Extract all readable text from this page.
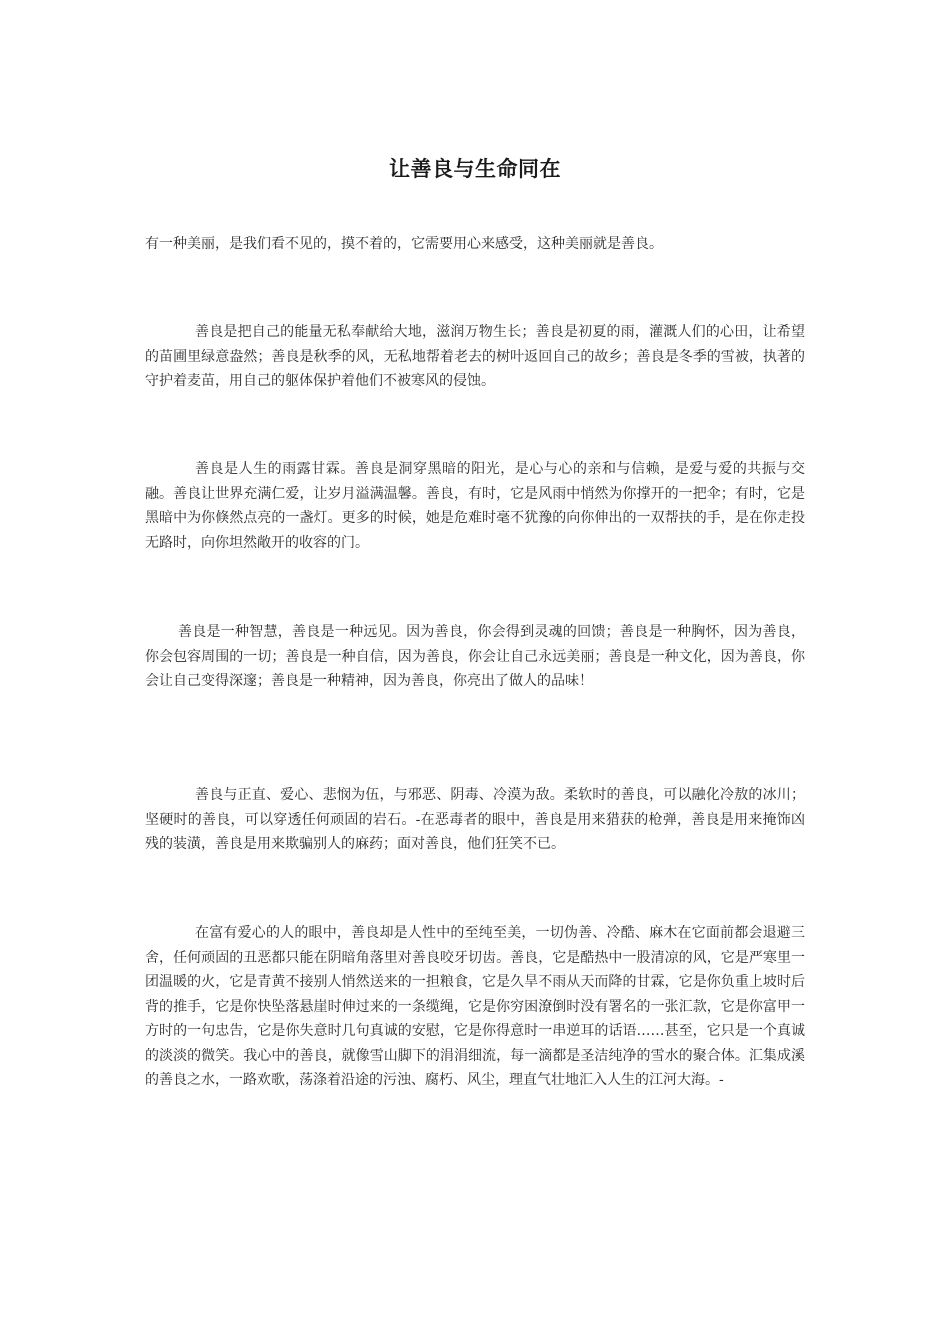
让善良与生命同在

有一种美丽，是我们看不见的，摸不着的，它需要用心来感受，这种美丽就是善良。

善良是把自己的能量无私奉献给大地，滋润万物生长；善良是初夏的雨，灌溉人们的心田，让希望的苗圃里绿意盎然；善良是秋季的风，无私地帮着老去的树叶返回自己的故乡；善良是冬季的雪被，执著的守护着麦苗，用自己的躯体保护着他们不被寒风的侵蚀。

善良是人生的雨露甘霖。善良是洞穿黑暗的阳光，是心与心的亲和与信赖，是爱与爱的共振与交融。善良让世界充满仁爱，让岁月溢满温馨。善良，有时，它是风雨中悄然为你撑开的一把伞；有时，它是黑暗中为你倏然点亮的一盏灯。更多的时候，她是危难时毫不犹豫的向你伸出的一双帮扶的手，是在你走投无路时，向你坦然敞开的收容的门。

善良是一种智慧，善良是一种远见。因为善良，你会得到灵魂的回馈；善良是一种胸怀，因为善良，你会包容周围的一切；善良是一种自信，因为善良，你会让自己永远美丽；善良是一种文化，因为善良，你会让自己变得深邃；善良是一种精神，因为善良，你亮出了做人的品味！

善良与正直、爱心、悲悯为伍，与邪恶、阴毒、冷漠为敌。柔软时的善良，可以融化冷敖的冰川；坚硬时的善良，可以穿透任何顽固的岩石。-在恶毒者的眼中，善良是用来猎获的枪弹，善良是用来掩饰凶残的装潢，善良是用来欺骗别人的麻药；面对善良，他们狂笑不已。

在富有爱心的人的眼中，善良却是人性中的至纯至美，一切伪善、冷酷、麻木在它面前都会退避三舍，任何顽固的丑恶都只能在阴暗角落里对善良咬牙切齿。善良，它是酷热中一股清凉的风，它是严寒里一团温暖的火，它是青黄不接别人悄然送来的一担粮食，它是久旱不雨从天而降的甘霖，它是你负重上坡时后背的推手，它是你快坠落悬崖时伸过来的一条缆绳，它是你穷困潦倒时没有署名的一张汇款，它是你富甲一方时的一句忠告，它是你失意时几句真诚的安慰，它是你得意时一串逆耳的话语……甚至，它只是一个真诚的淡淡的微笑。我心中的善良，就像雪山脚下的涓涓细流，每一滴都是圣洁纯净的雪水的聚合体。汇集成溪的善良之水，一路欢歌，荡涤着沿途的污浊、腐朽、风尘，理直气壮地汇入人生的江河大海。-
